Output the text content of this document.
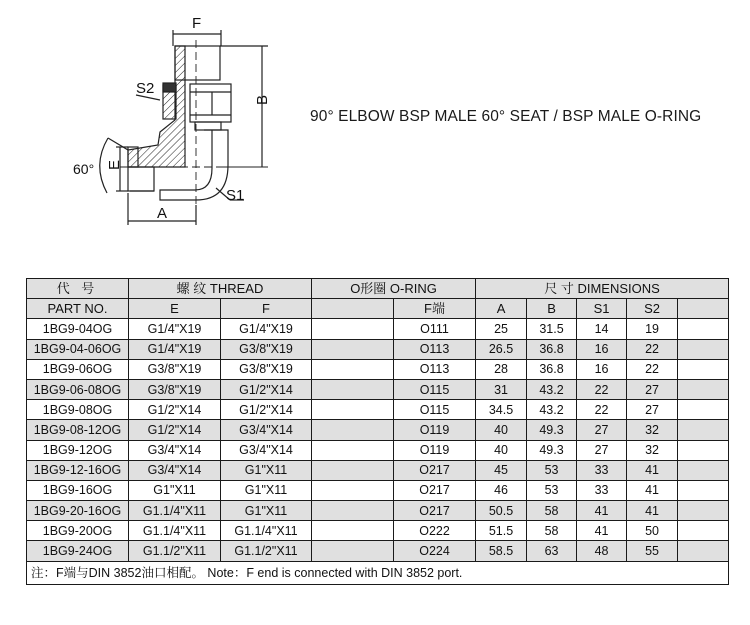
F
B
S2
S1
E
A
60°
90° ELBOW BSP MALE 60° SEAT / BSP MALE O-RING
代 号	螺 纹 THREAD		O形圈 O-RING		尺 寸 DIMENSIONS				
PART NO.	E	F		F端	A	B	S1	S2	
1BG9-04OG	G1/4"X19	G1/4"X19		O111	25	31.5	14	19	
1BG9-04-06OG	G1/4"X19	G3/8"X19		O113	26.5	36.8	16	22	
1BG9-06OG	G3/8"X19	G3/8"X19		O113	28	36.8	16	22	
1BG9-06-08OG	G3/8"X19	G1/2"X14		O115	31	43.2	22	27	
1BG9-08OG	G1/2"X14	G1/2"X14		O115	34.5	43.2	22	27	
1BG9-08-12OG	G1/2"X14	G3/4"X14		O119	40	49.3	27	32	
1BG9-12OG	G3/4"X14	G3/4"X14		O119	40	49.3	27	32	
1BG9-12-16OG	G3/4"X14	G1"X11		O217	45	53	33	41	
1BG9-16OG	G1"X11	G1"X11		O217	46	53	33	41	
1BG9-20-16OG	G1.1/4"X11	G1"X11		O217	50.5	58	41	41	
1BG9-20OG	G1.1/4"X11	G1.1/4"X11		O222	51.5	58	41	50	
1BG9-24OG	G1.1/2"X11	G1.1/2"X11		O224	58.5	63	48	55	
注：F端与DIN 3852油口相配。 Note：F end is connected with DIN 3852 port.									
